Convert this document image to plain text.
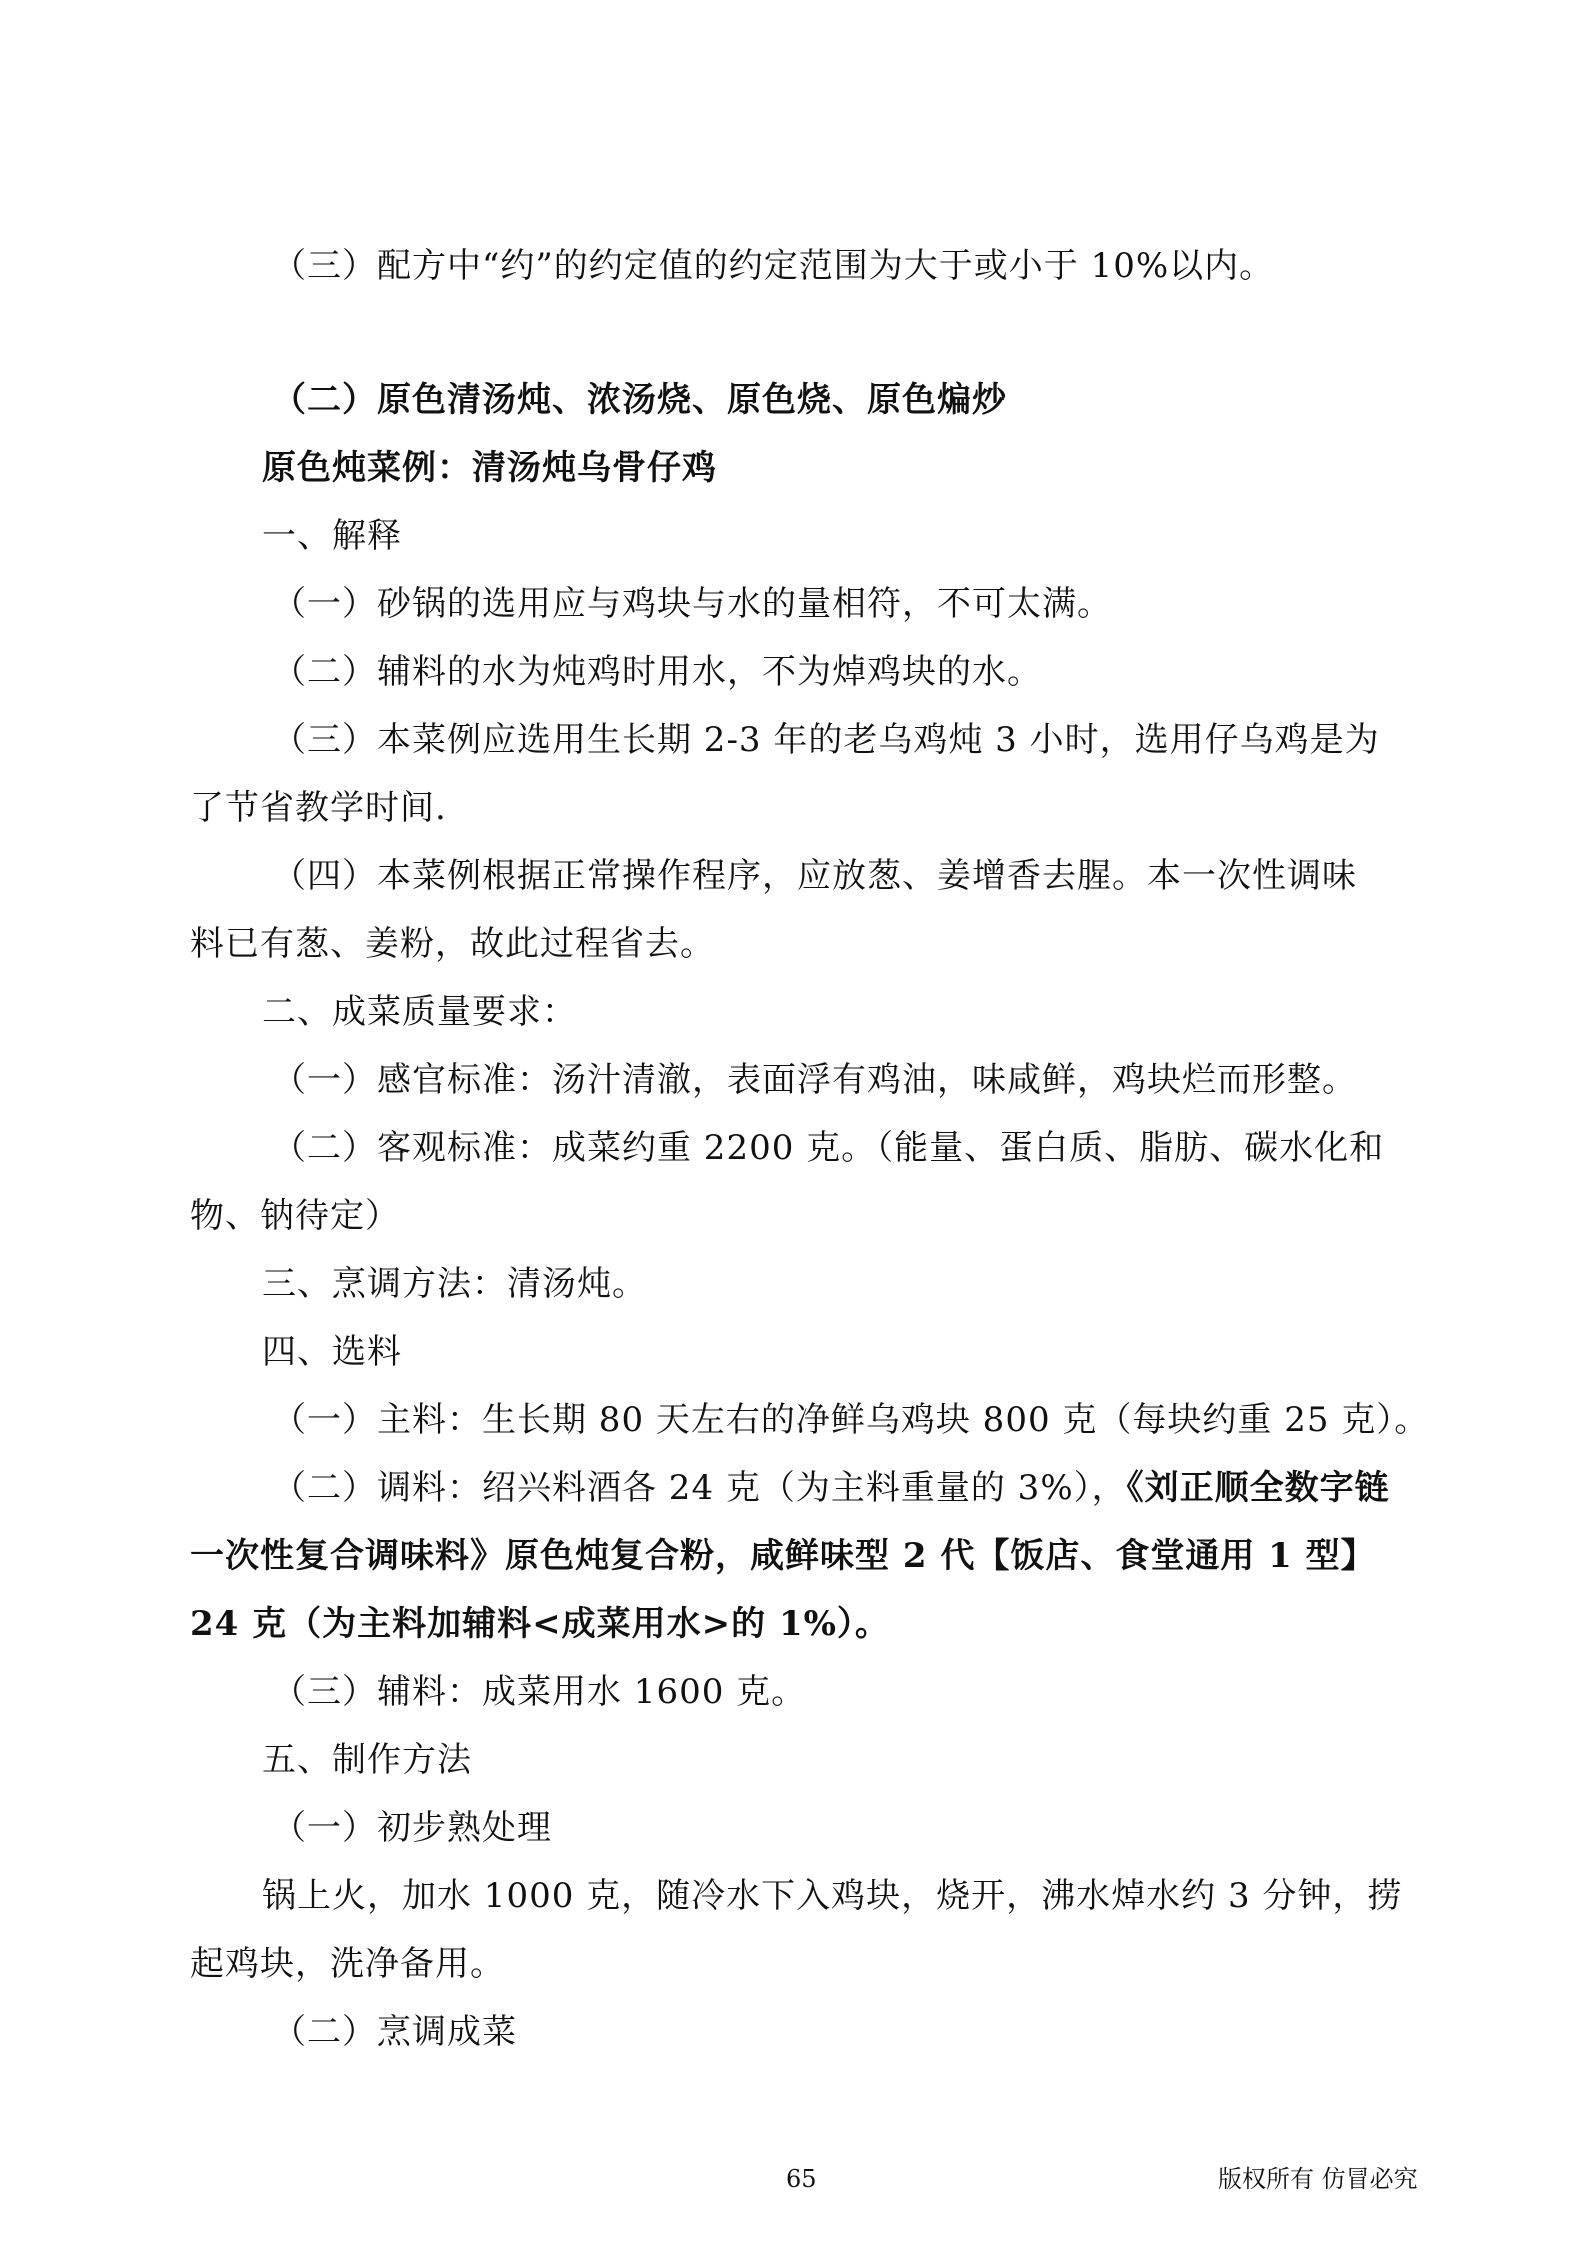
（三）配方中“约”的约定值的约定范围为大于或小于 10%以内。
（二）原色清汤炖、浓汤烧、原色烧、原色煸炒
原色炖菜例：清汤炖乌骨仔鸡
一、解释
（一）砂锅的选用应与鸡块与水的量相符，不可太满。
（二）辅料的水为炖鸡时用水，不为焯鸡块的水。
（三）本菜例应选用生长期 2-3 年的老乌鸡炖 3 小时，选用仔乌鸡是为
了节省教学时间.
（四）本菜例根据正常操作程序，应放葱、姜增香去腥。本一次性调味
料已有葱、姜粉，故此过程省去。
二、成菜质量要求：
（一）感官标准：汤汁清澈，表面浮有鸡油，味咸鲜，鸡块烂而形整。
（二）客观标准：成菜约重 2200 克。（能量、蛋白质、脂肪、碳水化和
物、钠待定）
三、烹调方法：清汤炖。
四、选料
（一）主料：生长期 80 天左右的净鲜乌鸡块 800 克（每块约重 25 克）。
（二）调料：绍兴料酒各 24 克（为主料重量的 3%），《刘正顺全数字链
一次性复合调味料》原色炖复合粉，咸鲜味型 2 代【饭店、食堂通用 1 型】
24 克（为主料加辅料<成菜用水>的 1%）。
（三）辅料：成菜用水 1600 克。
五、制作方法
（一）初步熟处理
锅上火，加水 1000 克，随冷水下入鸡块，烧开，沸水焯水约 3 分钟，捞
起鸡块，洗净备用。
（二）烹调成菜
65	版权所有 仿冒必究
